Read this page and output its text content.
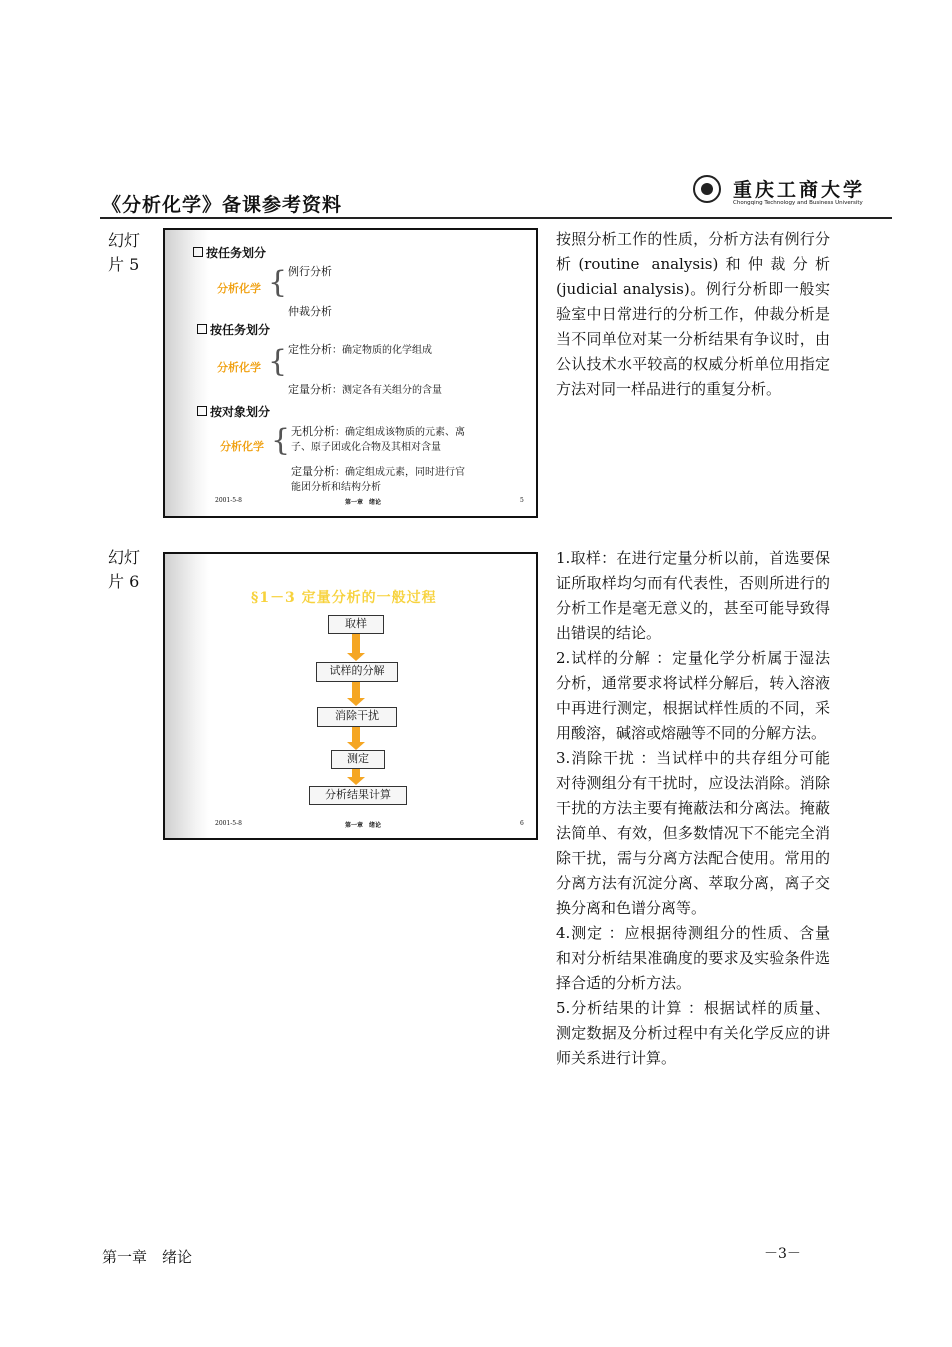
《分析化学》备课参考资料
重庆工商大学
Chongqing Technology and Business University
幻灯片 5
按任务划分
分析化学 { 例行分析
仲裁分析
按任务划分
分析化学 { 定性分析：确定物质的化学组成
定量分析：测定各有关组分的含量
按对象划分
分析化学 { 无机分析：确定组成该物质的元素、离
子、原子团或化合物及其相对含量
定量分析：确定组成元素，同时进行官
能团分析和结构分析
2001-5-8	第一章　绪论	5
按照分析工作的性质，分析方法有例行分析(routine analysis)和仲裁分析(judicial analysis)。例行分析即一般实验室中日常进行的分析工作，仲裁分析是当不同单位对某一分析结果有争议时，由公认技术水平较高的权威分析单位用指定方法对同一样品进行的重复分析。
幻灯片 6
§1－3 定量分析的一般过程
取样
试样的分解
消除干扰
测定
分析结果计算
2001-5-8	第一章　绪论	6

1.取样：在进行定量分析以前，首选要保证所取样均匀而有代表性，否则所进行的分析工作是毫无意义的，甚至可能导致得出错误的结论。

2.试样的分解 ：定量化学分析属于湿法分析，通常要求将试样分解后，转入溶液中再进行测定，根据试样性质的不同，采用酸溶，碱溶或熔融等不同的分解方法。

3.消除干扰 ：当试样中的共存组分可能对待测组分有干扰时，应设法消除。消除干扰的方法主要有掩蔽法和分离法。掩蔽法简单、有效，但多数情况下不能完全消除干扰，需与分离方法配合使用。常用的分离方法有沉淀分离、萃取分离，离子交换分离和色谱分离等。

4.测定 ：应根据待测组分的性质、含量和对分析结果准确度的要求及实验条件选择合适的分析方法。

5.分析结果的计算 ：根据试样的质量、测定数据及分析过程中有关化学反应的讲师关系进行计算。

第一章　绪论	－3－
